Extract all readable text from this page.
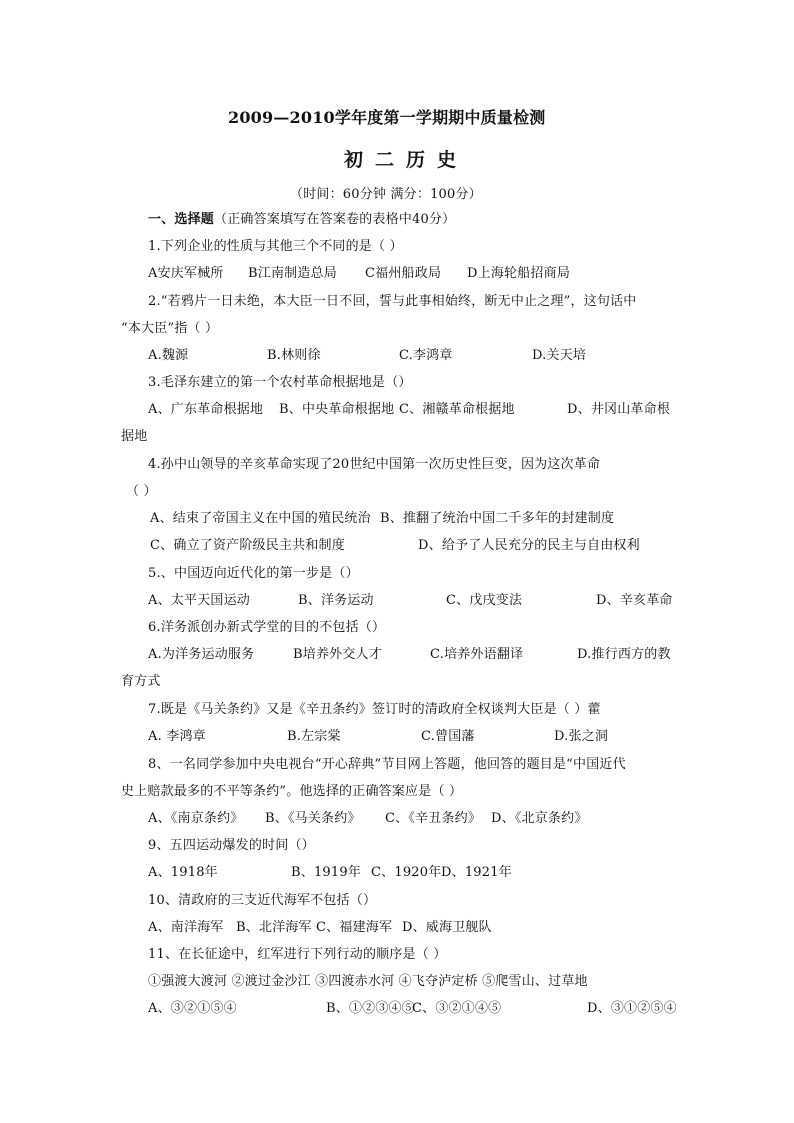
2009—2010学年度第一学期期中质量检测
初二历史
（时间：60分钟 满分：100分）
一、选择题（正确答案填写在答案卷的表格中40分）
1.下列企业的性质与其他三个不同的是（ ）
A安庆军械所 B江南制造总局 C福州船政局 D上海轮船招商局
2.“若鸦片一日未绝，本大臣一日不回，誓与此事相始终，断无中止之理”，这句话中
“本大臣”指（ ）
A.魏源	B.林则徐	C.李鸿章	D.关天培
3.毛泽东建立的第一个农村革命根据地是（）
A、广东革命根据地 B、中央革命根据地 C、湘赣革命根据地	D、井冈山革命根
据地
4.孙中山领导的辛亥革命实现了20世纪中国第一次历史性巨变，因为这次革命
（ ）
A、结束了帝国主义在中国的殖民统治 B、推翻了统治中国二千多年的封建制度
C、确立了资产阶级民主共和制度	D、给予了人民充分的民主与自由权利
5.、中国迈向近代化的第一步是（）
A、太平天国运动	B、洋务运动	C、戊戌变法	D、辛亥革命
6.洋务派创办新式学堂的目的不包括（）
A.为洋务运动服务	B培养外交人才	C.培养外语翻译	D.推行西方的教
育方式
7.既是《马关条约》又是《辛丑条约》签订时的清政府全权谈判大臣是（ ）藿
A. 李鸿章	B.左宗棠	C.曾国藩	D.张之洞
8、一名同学参加中央电视台“开心辞典”节目网上答题，他回答的题目是“中国近代
史上赔款最多的不平等条约”。他选择的正确答案应是（ ）
A、《南京条约》 B、《马关条约》 C、《辛丑条约》 D、《北京条约》
9、五四运动爆发的时间（）
A、1918年	B、1919年 C、1920年 D、1921年
10、清政府的三支近代海军不包括（）
A、南洋海军 B、北洋海军 C、福建海军 D、威海卫舰队
11、在长征途中，红军进行下列行动的顺序是（ ）
①强渡大渡河 ②渡过金沙江 ③四渡赤水河 ④飞夺泸定桥 ⑤爬雪山、过草地
A、③②①⑤④	B、①②③④⑤
C、③②①④⑤	D、③①②⑤④
